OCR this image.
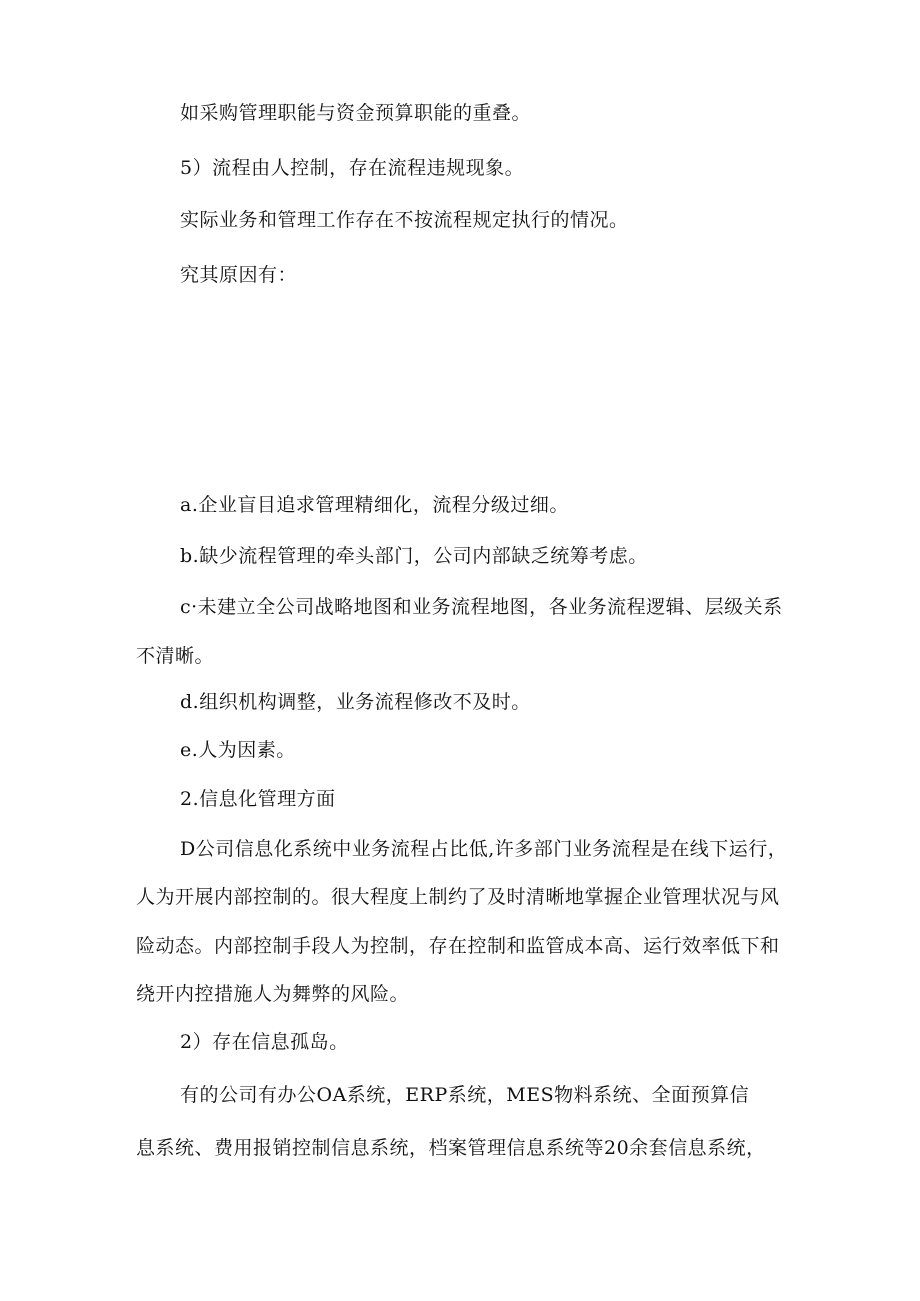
如采购管理职能与资金预算职能的重叠。
5）流程由人控制，存在流程违规现象。
实际业务和管理工作存在不按流程规定执行的情况。
究其原因有：
a.企业盲目追求管理精细化，流程分级过细。
b.缺少流程管理的牵头部门，公司内部缺乏统筹考虑。
c·未建立全公司战略地图和业务流程地图，各业务流程逻辑、层级关系
不清晰。
d.组织机构调整，业务流程修改不及时。
e.人为因素。
2.信息化管理方面
D公司信息化系统中业务流程占比低,许多部门业务流程是在线下运行，
人为开展内部控制的。很大程度上制约了及时清晰地掌握企业管理状况与风
险动态。内部控制手段人为控制，存在控制和监管成本高、运行效率低下和
绕开内控措施人为舞弊的风险。
2）存在信息孤岛。
有的公司有办公OA系统，ERP系统，MES物料系统、全面预算信
息系统、费用报销控制信息系统，档案管理信息系统等20余套信息系统，
